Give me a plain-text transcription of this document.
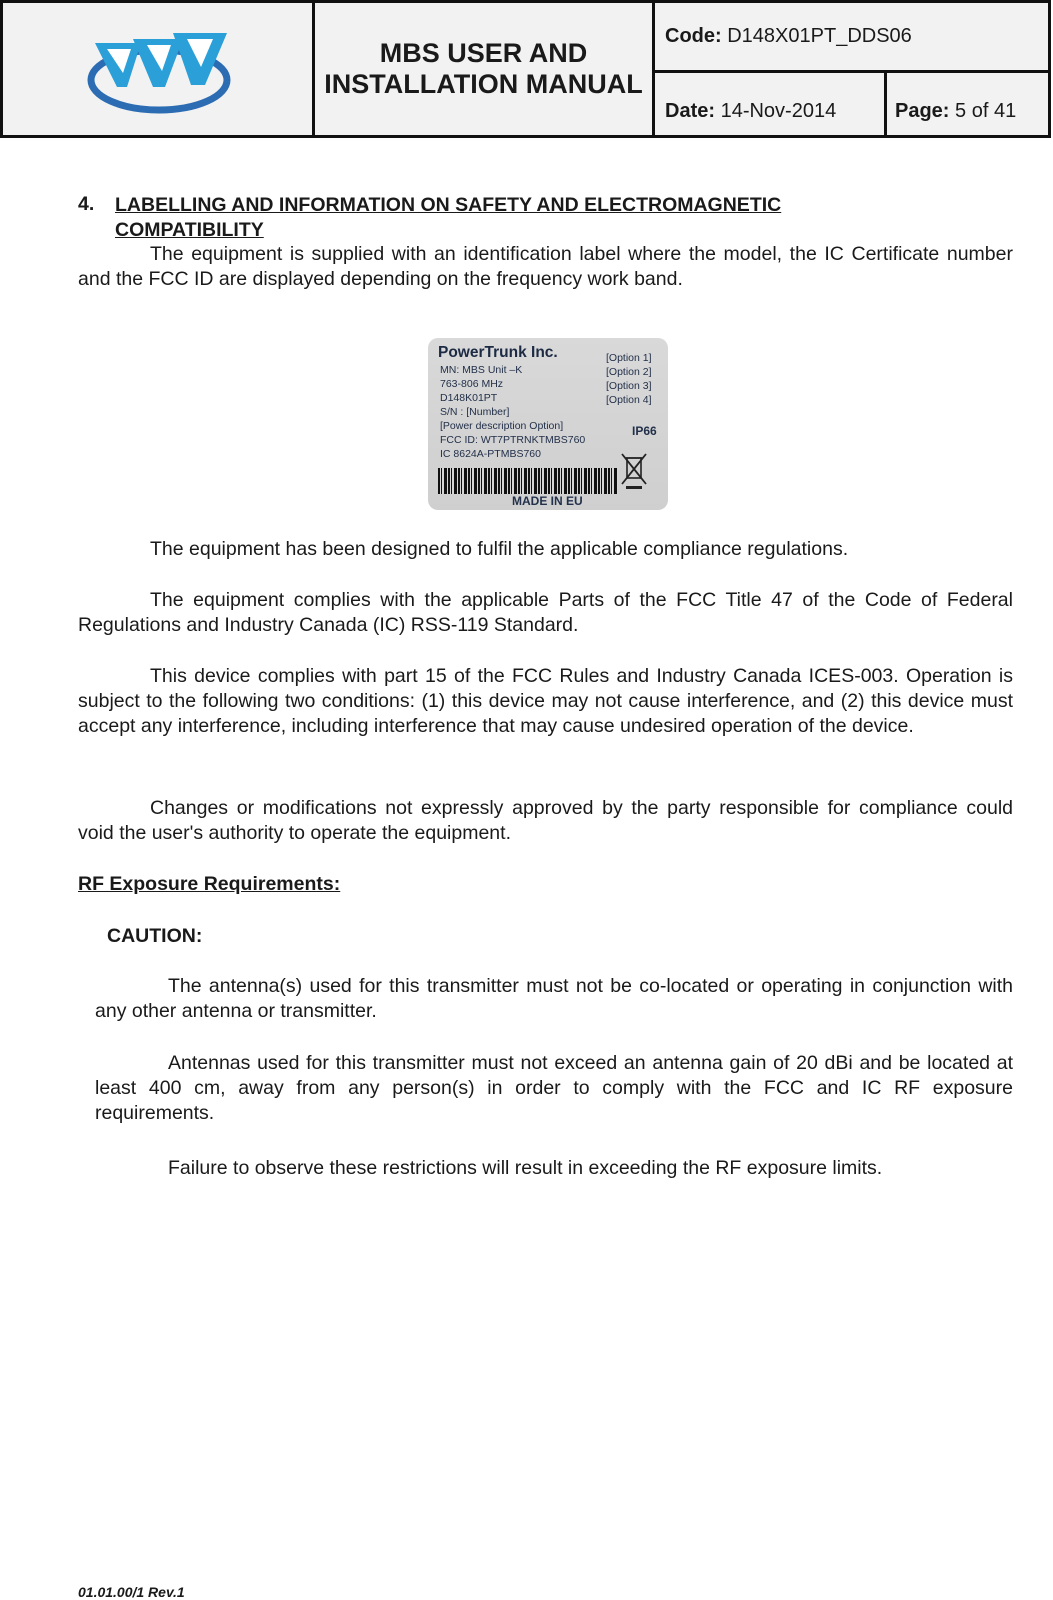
MBS USER AND INSTALLATION MANUAL
Code: D148X01PT_DDS06
Date: 14-Nov-2014	Page: 5 of 41
4. LABELLING AND INFORMATION ON SAFETY AND ELECTROMAGNETIC COMPATIBILITY

The equipment is supplied with an identification label where the model, the IC Certificate number and the FCC ID are displayed depending on the frequency work band.

PowerTrunk Inc.
MN: MBS Unit –K
763-806 MHz
D148K01PT
S/N : [Number]
[Power description Option]
FCC ID: WT7PTRNKTMBS760
IC 8624A-PTMBS760
[Option 1]
[Option 2]
[Option 3]
[Option 4]
IP66
MADE IN EU

The equipment has been designed to fulfil the applicable compliance regulations.

The equipment complies with the applicable Parts of the FCC Title 47 of the Code of Federal Regulations and Industry Canada (IC) RSS-119 Standard.

This device complies with part 15 of the FCC Rules and Industry Canada ICES-003. Operation is subject to the following two conditions: (1) this device may not cause interference, and (2) this device must accept any interference, including interference that may cause undesired operation of the device.

Changes or modifications not expressly approved by the party responsible for compliance could void the user's authority to operate the equipment.

RF Exposure Requirements:
CAUTION:

The antenna(s) used for this transmitter must not be co-located or operating in conjunction with any other antenna or transmitter.

Antennas used for this transmitter must not exceed an antenna gain of 20 dBi and be located at least 400 cm, away from any person(s) in order to comply with the FCC and IC RF exposure requirements.

Failure to observe these restrictions will result in exceeding the RF exposure limits.

01.01.00/1 Rev.1
